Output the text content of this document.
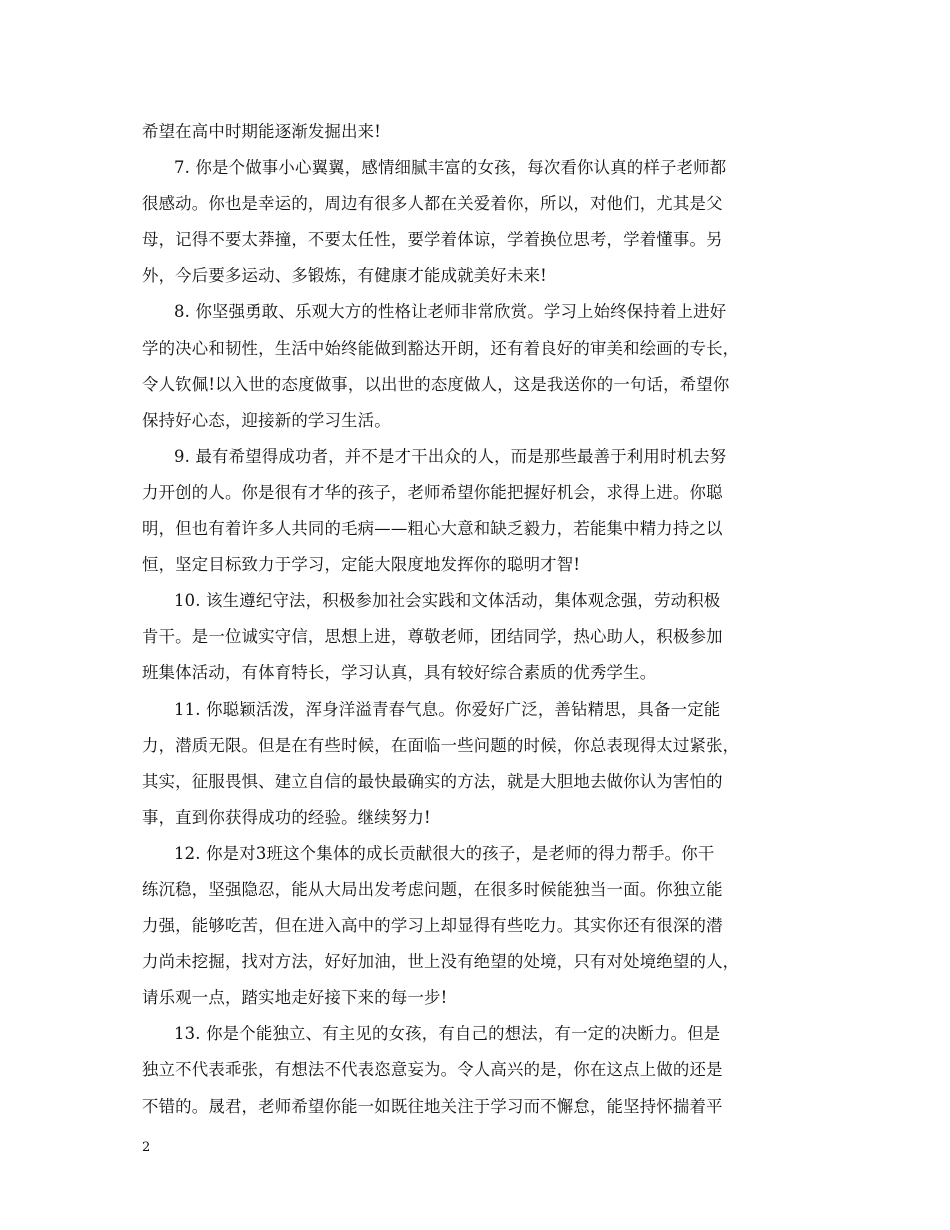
希望在高中时期能逐渐发掘出来!
7. 你是个做事小心翼翼，感情细腻丰富的女孩，每次看你认真的样子老师都
很感动。你也是幸运的，周边有很多人都在关爱着你，所以，对他们，尤其是父
母，记得不要太莽撞，不要太任性，要学着体谅，学着换位思考，学着懂事。另
外，今后要多运动、多锻炼，有健康才能成就美好未来!
8. 你坚强勇敢、乐观大方的性格让老师非常欣赏。学习上始终保持着上进好
学的决心和韧性，生活中始终能做到豁达开朗，还有着良好的审美和绘画的专长，
令人钦佩!以入世的态度做事，以出世的态度做人，这是我送你的一句话，希望你
保持好心态，迎接新的学习生活。
9. 最有希望得成功者，并不是才干出众的人，而是那些最善于利用时机去努
力开创的人。你是很有才华的孩子，老师希望你能把握好机会，求得上进。你聪
明，但也有着许多人共同的毛病——粗心大意和缺乏毅力，若能集中精力持之以
恒，坚定目标致力于学习，定能大限度地发挥你的聪明才智!
10. 该生遵纪守法，积极参加社会实践和文体活动，集体观念强，劳动积极
肯干。是一位诚实守信，思想上进，尊敬老师，团结同学，热心助人，积极参加
班集体活动，有体育特长，学习认真，具有较好综合素质的优秀学生。
11. 你聪颖活泼，浑身洋溢青春气息。你爱好广泛，善钻精思，具备一定能
力，潜质无限。但是在有些时候，在面临一些问题的时候，你总表现得太过紧张，
其实，征服畏惧、建立自信的最快最确实的方法，就是大胆地去做你认为害怕的
事，直到你获得成功的经验。继续努力!
12. 你是对3班这个集体的成长贡献很大的孩子，是老师的得力帮手。你干
练沉稳，坚强隐忍，能从大局出发考虑问题，在很多时候能独当一面。你独立能
力强，能够吃苦，但在进入高中的学习上却显得有些吃力。其实你还有很深的潜
力尚未挖掘，找对方法，好好加油，世上没有绝望的处境，只有对处境绝望的人，
请乐观一点，踏实地走好接下来的每一步!
13. 你是个能独立、有主见的女孩，有自己的想法，有一定的决断力。但是
独立不代表乖张，有想法不代表恣意妄为。令人高兴的是，你在这点上做的还是
不错的。晟君，老师希望你能一如既往地关注于学习而不懈怠，能坚持怀揣着平
2
